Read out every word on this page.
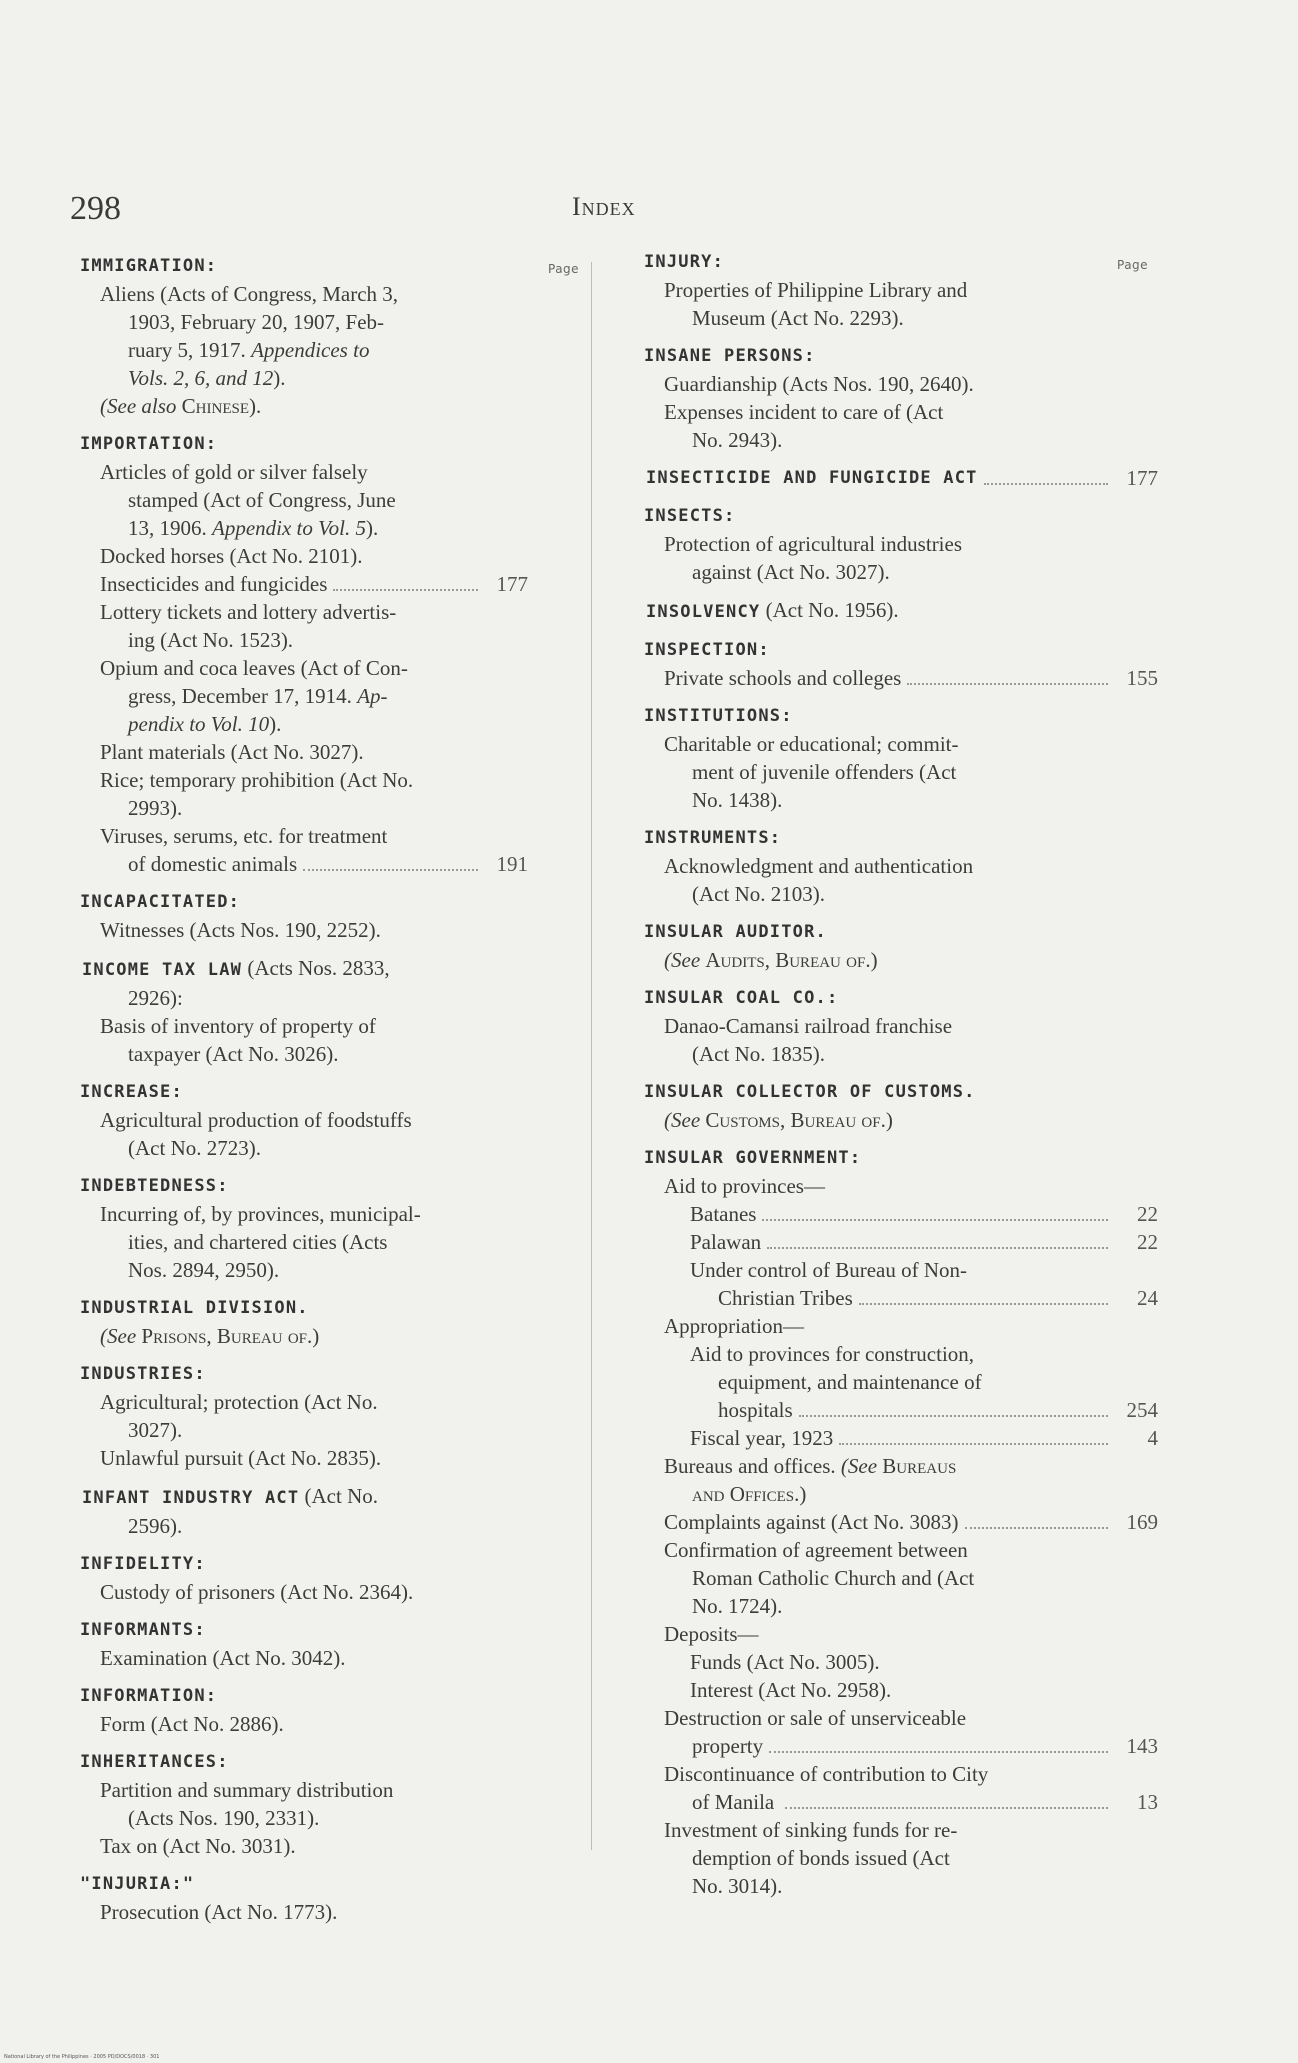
298	Index
Page	Page
IMMIGRATION:

Aliens (Acts of Congress, March 3,
1903, February 20, 1907, Feb-
ruary 5, 1917. Appendices to
Vols. 2, 6, and 12).

(See also Chinese).

IMPORTATION:

Articles of gold or silver falsely
stamped (Act of Congress, June
13, 1906. Appendix to Vol. 5).

Docked horses (Act No. 2101).

Insecticides and fungicides	177

Lottery tickets and lottery advertis-
ing (Act No. 1523).

Opium and coca leaves (Act of Con-
gress, December 17, 1914. Ap-
pendix to Vol. 10).

Plant materials (Act No. 3027).

Rice; temporary prohibition (Act No.
2993).

Viruses, serums, etc. for treatment

of domestic animals	191
INCAPACITATED:

Witnesses (Acts Nos. 190, 2252).

INCOME TAX LAW (Acts Nos. 2833,

2926):

Basis of inventory of property of
taxpayer (Act No. 3026).

INCREASE:

Agricultural production of foodstuffs
(Act No. 2723).

INDEBTEDNESS:

Incurring of, by provinces, municipal-
ities, and chartered cities (Acts
Nos. 2894, 2950).

INDUSTRIAL DIVISION.

(See Prisons, Bureau of.)

INDUSTRIES:

Agricultural; protection (Act No.
3027).

Unlawful pursuit (Act No. 2835).

INFANT INDUSTRY ACT (Act No.

2596).

INFIDELITY:

Custody of prisoners (Act No. 2364).

INFORMANTS:

Examination (Act No. 3042).

INFORMATION:

Form (Act No. 2886).

INHERITANCES:

Partition and summary distribution
(Acts Nos. 190, 2331).

Tax on (Act No. 3031).

"INJURIA:"

Prosecution (Act No. 1773).

INJURY:

Properties of Philippine Library and
Museum (Act No. 2293).

INSANE PERSONS:

Guardianship (Acts Nos. 190, 2640).

Expenses incident to care of (Act
No. 2943).

INSECTICIDE AND FUNGICIDE ACT	177
INSECTS:

Protection of agricultural industries
against (Act No. 3027).

INSOLVENCY (Act No. 1956).
INSPECTION:
Private schools and colleges	155
INSTITUTIONS:

Charitable or educational; commit-
ment of juvenile offenders (Act
No. 1438).

INSTRUMENTS:

Acknowledgment and authentication
(Act No. 2103).

INSULAR AUDITOR.

(See Audits, Bureau of.)

INSULAR COAL CO.:

Danao-Camansi railroad franchise
(Act No. 1835).

INSULAR COLLECTOR OF CUSTOMS.

(See Customs, Bureau of.)

INSULAR GOVERNMENT:

Aid to provinces—

Batanes	22
Palawan	22

Under control of Bureau of Non-

Christian Tribes	24

Appropriation—

Aid to provinces for construction,
equipment, and maintenance of

hospitals	254
Fiscal year, 1923	4

Bureaus and offices. (See Bureaus
and Offices.)

Complaints against (Act No. 3083)	169

Confirmation of agreement between
Roman Catholic Church and (Act
No. 1724).

Deposits—

Funds (Act No. 3005).

Interest (Act No. 2958).

Destruction or sale of unserviceable

property	143

Discontinuance of contribution to City

of Manila	13

Investment of sinking funds for re-
demption of bonds issued (Act
No. 3014).

National Library of the Philippines · 2005 PD/DOCS/0018 · 301
